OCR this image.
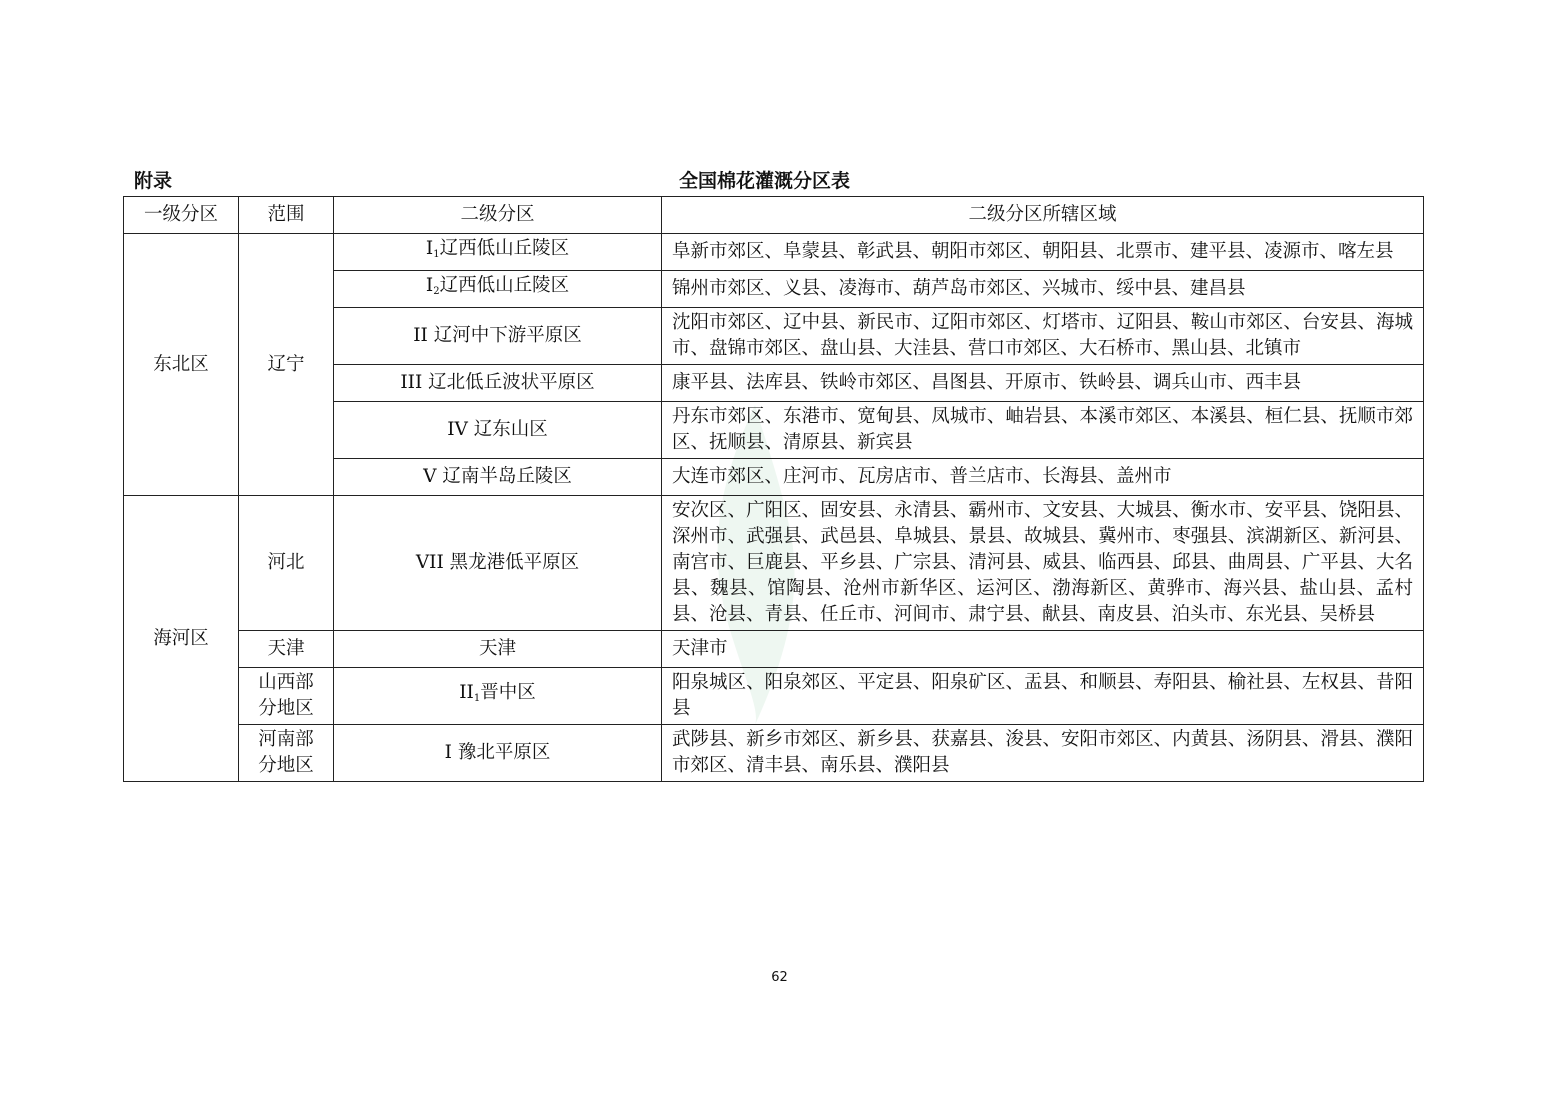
附录	全国棉花灌溉分区表
一级分区	范围	二级分区	二级分区所辖区域
东北区	辽宁	$I_1$辽西低山丘陵区	阜新市郊区、阜蒙县、彰武县、朝阳市郊区、朝阳县、北票市、建平县、凌源市、喀左县
		$I_2$辽西低山丘陵区	锦州市郊区、义县、凌海市、葫芦岛市郊区、兴城市、绥中县、建昌县
		II 辽河中下游平原区	沈阳市郊区、辽中县、新民市、辽阳市郊区、灯塔市、辽阳县、鞍山市郊区、台安县、海城市、盘锦市郊区、盘山县、大洼县、营口市郊区、大石桥市、黑山县、北镇市
		III 辽北低丘波状平原区	康平县、法库县、铁岭市郊区、昌图县、开原市、铁岭县、调兵山市、西丰县
		IV 辽东山区	丹东市郊区、东港市、宽甸县、凤城市、岫岩县、本溪市郊区、本溪县、桓仁县、抚顺市郊区、抚顺县、清原县、新宾县
		V 辽南半岛丘陵区	大连市郊区、庄河市、瓦房店市、普兰店市、长海县、盖州市
海河区	河北	VII 黑龙港低平原区	安次区、广阳区、固安县、永清县、霸州市、文安县、大城县、衡水市、安平县、饶阳县、深州市、武强县、武邑县、阜城县、景县、故城县、冀州市、枣强县、滨湖新区、新河县、南宫市、巨鹿县、平乡县、广宗县、清河县、威县、临西县、邱县、曲周县、广平县、大名县、魏县、馆陶县、沧州市新华区、运河区、渤海新区、黄骅市、海兴县、盐山县、孟村县、沧县、青县、任丘市、河间市、肃宁县、献县、南皮县、泊头市、东光县、吴桥县
	天津	天津	天津市
	山西部分地区	$II_1$晋中区	阳泉城区、阳泉郊区、平定县、阳泉矿区、盂县、和顺县、寿阳县、榆社县、左权县、昔阳县
	河南部分地区	I 豫北平原区	武陟县、新乡市郊区、新乡县、获嘉县、浚县、安阳市郊区、内黄县、汤阴县、滑县、濮阳市郊区、清丰县、南乐县、濮阳县
62
